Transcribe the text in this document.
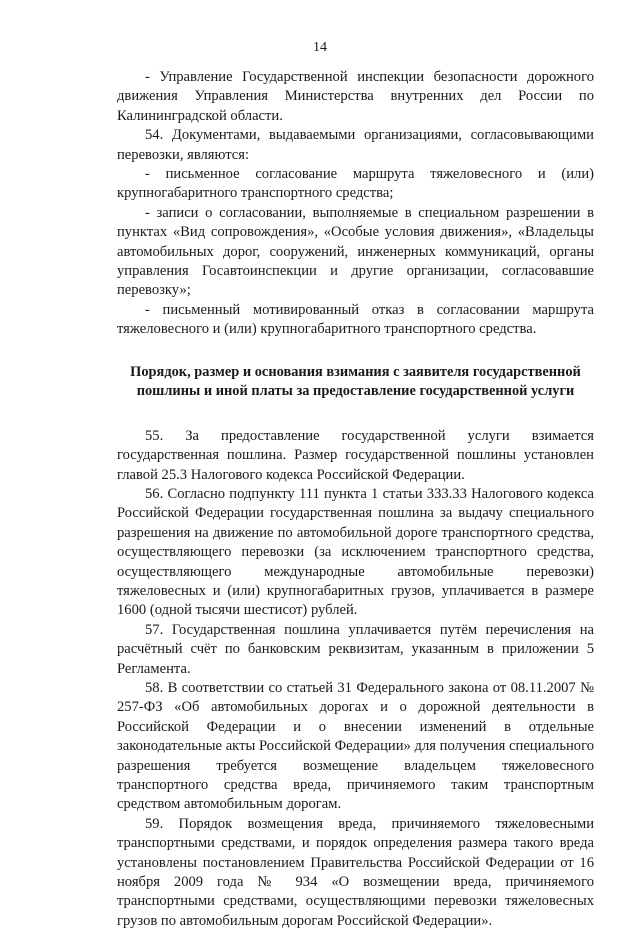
14

- Управление Государственной инспекции безопасности дорожного движения Управления Министерства внутренних дел России по Калининградской области.

54. Документами, выдаваемыми организациями, согласовывающими перевозки, являются:

- письменное согласование маршрута тяжеловесного и (или) крупногабаритного транспортного средства;

- записи о согласовании, выполняемые в специальном разрешении в пунктах «Вид сопровождения», «Особые условия движения», «Владельцы автомобильных дорог, сооружений, инженерных коммуникаций, органы управления Госавтоинспекции и другие организации, согласовавшие перевозку»;

- письменный мотивированный отказ в согласовании маршрута тяжеловесного и (или) крупногабаритного транспортного средства.

Порядок, размер и основания взимания с заявителя государственной пошлины и иной платы за предоставление государственной услуги

55. За предоставление государственной услуги взимается государственная пошлина. Размер государственной пошлины установлен главой 25.3 Налогового кодекса Российской Федерации.

56. Согласно подпункту 111 пункта 1 статьи 333.33 Налогового кодекса Российской Федерации государственная пошлина за выдачу специального разрешения на движение по автомобильной дороге транспортного средства, осуществляющего перевозки (за исключением транспортного средства, осуществляющего международные автомобильные перевозки) тяжеловесных и (или) крупногабаритных грузов, уплачивается в размере 1600 (одной тысячи шестисот) рублей.

57. Государственная пошлина уплачивается путём перечисления на расчётный счёт по банковским реквизитам, указанным в приложении 5 Регламента.

58. В соответствии со статьей 31 Федерального закона от 08.11.2007 № 257-ФЗ «Об автомобильных дорогах и о дорожной деятельности в Российской Федерации и о внесении изменений в отдельные законодательные акты Российской Федерации» для получения специального разрешения требуется возмещение владельцем тяжеловесного транспортного средства вреда, причиняемого таким транспортным средством автомобильным дорогам.

59. Порядок возмещения вреда, причиняемого тяжеловесными транспортными средствами, и порядок определения размера такого вреда установлены постановлением Правительства Российской Федерации от 16 ноября 2009 года № 934 «О возмещении вреда, причиняемого транспортными средствами, осуществляющими перевозки тяжеловесных грузов по автомобильным дорогам Российской Федерации».
